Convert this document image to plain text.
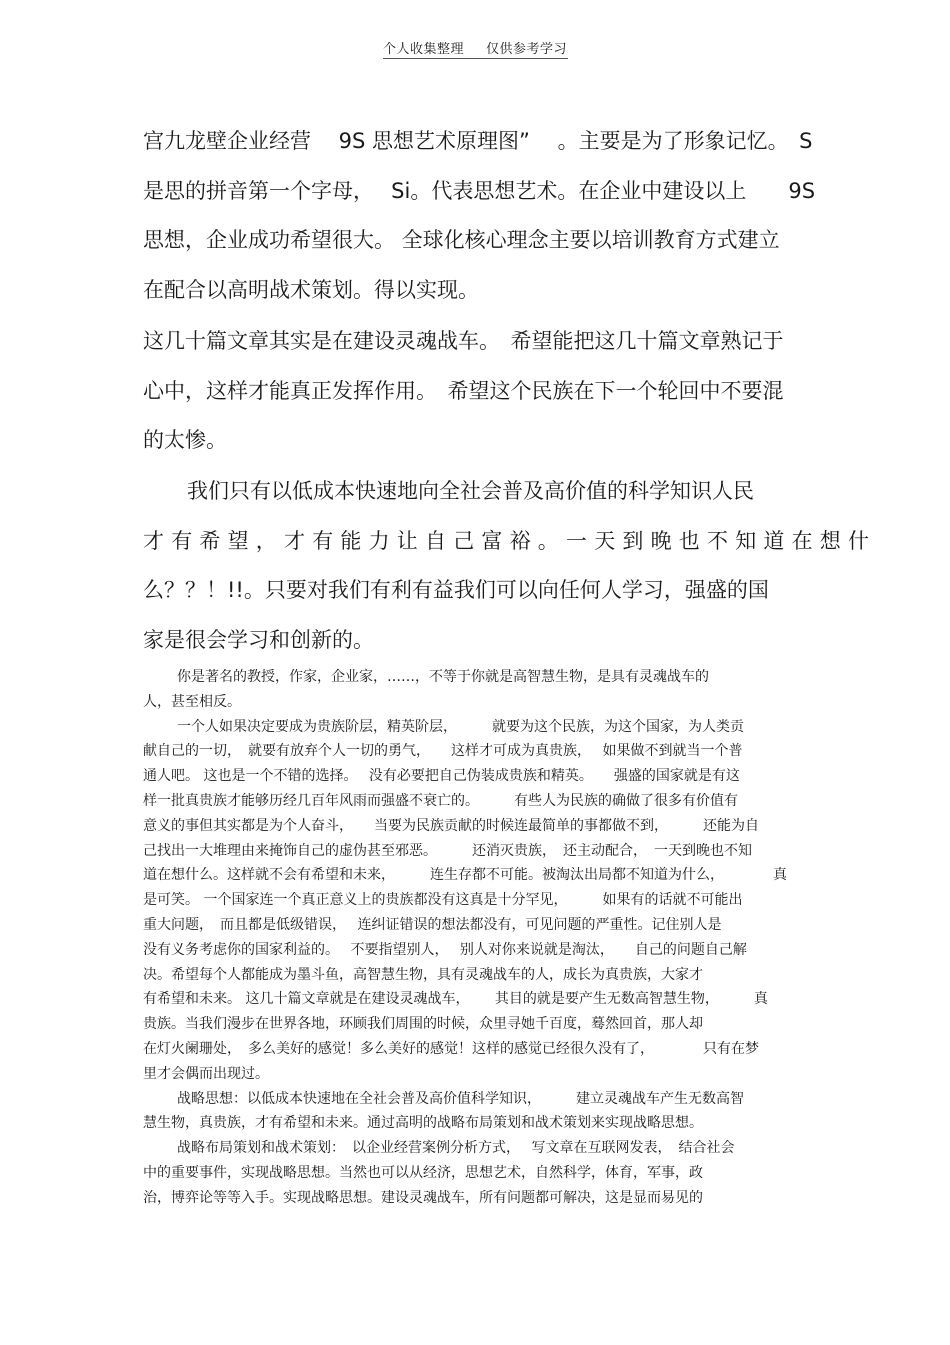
个人收集整理 仅供参考学习

宫九龙壁企业经营　 9S 思想艺术原理图”　 。主要是为了形象记忆。　S

是思的拼音第一个字母，　 Si。代表思想艺术。在企业中建设以上　　9S

思想，企业成功希望很大。 全球化核心理念主要以培训教育方式建立

在配合以高明战术策划。得以实现。

这几十篇文章其实是在建设灵魂战车。　希望能把这几十篇文章熟记于

心中，这样才能真正发挥作用。　希望这个民族在下一个轮回中不要混

的太惨。

我们只有以低成本快速地向全社会普及高价值的科学知识人民

才有希望，才有能力让自己富裕。一天到晚也不知道在想什

么？？！!!。只要对我们有利有益我们可以向任何人学习，强盛的国

家是很会学习和创新的。

你是著名的教授，作家，企业家，……，不等于你就是高智慧生物，是具有灵魂战车的

人，甚至相反。

一个人如果决定要成为贵族阶层，精英阶层，　　　就要为这个民族，为这个国家，为人类贡

献自己的一切，　就要有放弃个人一切的勇气，　　这样才可成为真贵族，　 如果做不到就当一个普

通人吧。 这也是一个不错的选择。　 没有必要把自己伪装成贵族和精英。　　强盛的国家就是有这

样一批真贵族才能够历经几百年风雨而强盛不衰亡的。　　　有些人为民族的确做了很多有价值有

意义的事但其实都是为个人奋斗，　　当要为民族贡献的时候连最简单的事都做不到，　　　还能为自

己找出一大堆理由来掩饰自己的虚伪甚至邪恶。　　　还消灭贵族，　还主动配合，　一天到晚也不知

道在想什么。这样就不会有希望和未来，　　　连生存都不可能。被淘汰出局都不知道为什么，　　　　真

是可笑。 一个国家连一个真正意义上的贵族都没有这真是十分罕见，　　　如果有的话就不可能出

重大问题，　而且都是低级错误，　 连纠证错误的想法都没有，可见问题的严重性。记住别人是

没有义务考虑你的国家利益的。　 不要指望别人，　 别人对你来说就是淘汰，　　自己的问题自己解

决。希望每个人都能成为墨斗鱼，高智慧生物，具有灵魂战车的人，成长为真贵族，大家才

有希望和未来。 这几十篇文章就是在建设灵魂战车，　　 其目的就是要产生无数高智慧生物，　　　真

贵族。当我们漫步在世界各地，环顾我们周围的时候，众里寻她千百度，蓦然回首，那人却

在灯火阑珊处，　多么美好的感觉！多么美好的感觉！这样的感觉已经很久没有了，　　　　只有在梦

里才会偶而出现过。

战略思想：以低成本快速地在全社会普及高价值科学知识，　　　建立灵魂战车产生无数高智

慧生物，真贵族，才有希望和未来。通过高明的战略布局策划和战术策划来实现战略思想。

战略布局策划和战术策划：　以企业经营案例分析方式，　 写文章在互联网发表，　结合社会

中的重要事件，实现战略思想。当然也可以从经济，思想艺术，自然科学，体育，军事，政

治，博弈论等等入手。实现战略思想。建设灵魂战车，所有问题都可解决，这是显而易见的
